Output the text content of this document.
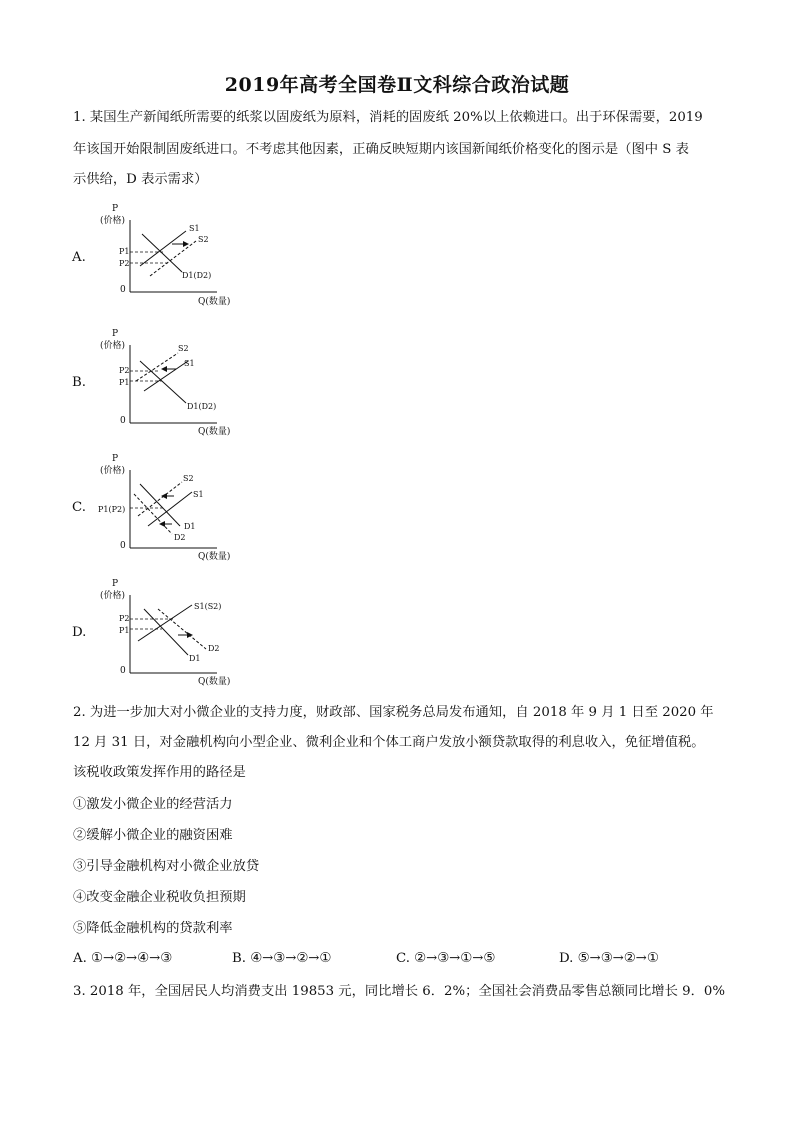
2019年高考全国卷Ⅱ文科综合政治试题
1. 某国生产新闻纸所需要的纸浆以固废纸为原料，消耗的固废纸 20%以上依赖进口。出于环保需要，2019
年该国开始限制固废纸进口。不考虑其他因素，正确反映短期内该国新闻纸价格变化的图示是（图中 S 表
示供给，D 表示需求）
A.
P
(价格)
0
Q(数量)
P1
P2
S1
S2
D1(D2)
B.
P
(价格)
0
Q(数量)
P2
P1
S2
S1
D1(D2)
C.
P
(价格)
0
Q(数量)
P1(P2)
S2
S1
D1
D2
D.
P
(价格)
0
Q(数量)
P2
P1
S1(S2)
D2
D1
2. 为进一步加大对小微企业的支持力度，财政部、国家税务总局发布通知，自 2018 年 9 月 1 日至 2020 年
12 月 31 日，对金融机构向小型企业、微利企业和个体工商户发放小额贷款取得的利息收入，免征增值税。
该税收政策发挥作用的路径是
①激发小微企业的经营活力
②缓解小微企业的融资困难
③引导金融机构对小微企业放贷
④改变金融企业税收负担预期
⑤降低金融机构的贷款利率
A. ①→②→④→③	B. ④→③→②→①	C. ②→③→①→⑤	D. ⑤→③→②→①
3. 2018 年，全国居民人均消费支出 19853 元，同比增长 6．2%；全国社会消费品零售总额同比增长 9．0%
